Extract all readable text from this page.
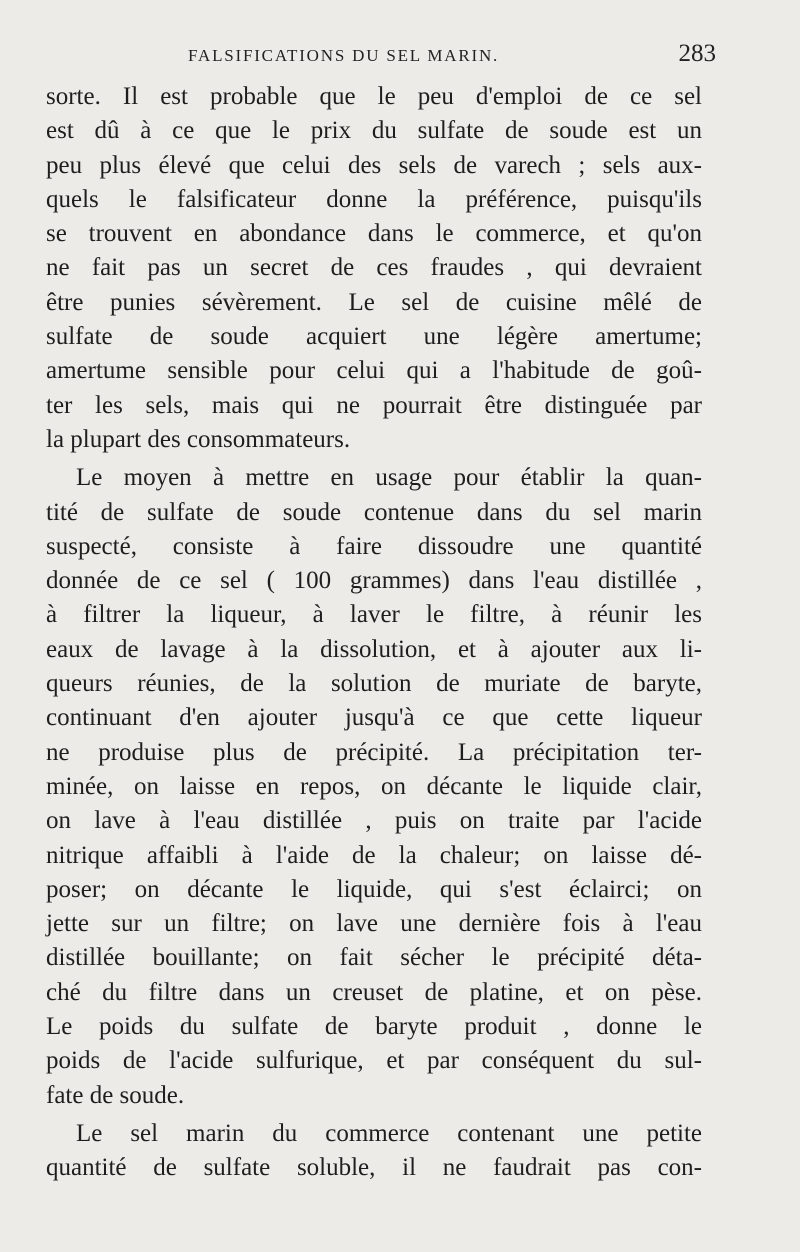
FALSIFICATIONS DU SEL MARIN.	283
sorte. Il est probable que le peu d'emploi de ce sel
est dû à ce que le prix du sulfate de soude est un
peu plus élevé que celui des sels de varech ; sels aux-
quels le falsificateur donne la préférence, puisqu'ils
se trouvent en abondance dans le commerce, et qu'on
ne fait pas un secret de ces fraudes , qui devraient
être punies sévèrement. Le sel de cuisine mêlé de
sulfate de soude acquiert une légère amertume;
amertume sensible pour celui qui a l'habitude de goû-
ter les sels, mais qui ne pourrait être distinguée par
la plupart des consommateurs.
Le moyen à mettre en usage pour établir la quan-
tité de sulfate de soude contenue dans du sel marin
suspecté, consiste à faire dissoudre une quantité
donnée de ce sel ( 100 grammes) dans l'eau distillée ,
à filtrer la liqueur, à laver le filtre, à réunir les
eaux de lavage à la dissolution, et à ajouter aux li-
queurs réunies, de la solution de muriate de baryte,
continuant d'en ajouter jusqu'à ce que cette liqueur
ne produise plus de précipité. La précipitation ter-
minée, on laisse en repos, on décante le liquide clair,
on lave à l'eau distillée , puis on traite par l'acide
nitrique affaibli à l'aide de la chaleur; on laisse dé-
poser; on décante le liquide, qui s'est éclairci; on
jette sur un filtre; on lave une dernière fois à l'eau
distillée bouillante; on fait sécher le précipité déta-
ché du filtre dans un creuset de platine, et on pèse.
Le poids du sulfate de baryte produit , donne le
poids de l'acide sulfurique, et par conséquent du sul-
fate de soude.
Le sel marin du commerce contenant une petite
quantité de sulfate soluble, il ne faudrait pas con-
